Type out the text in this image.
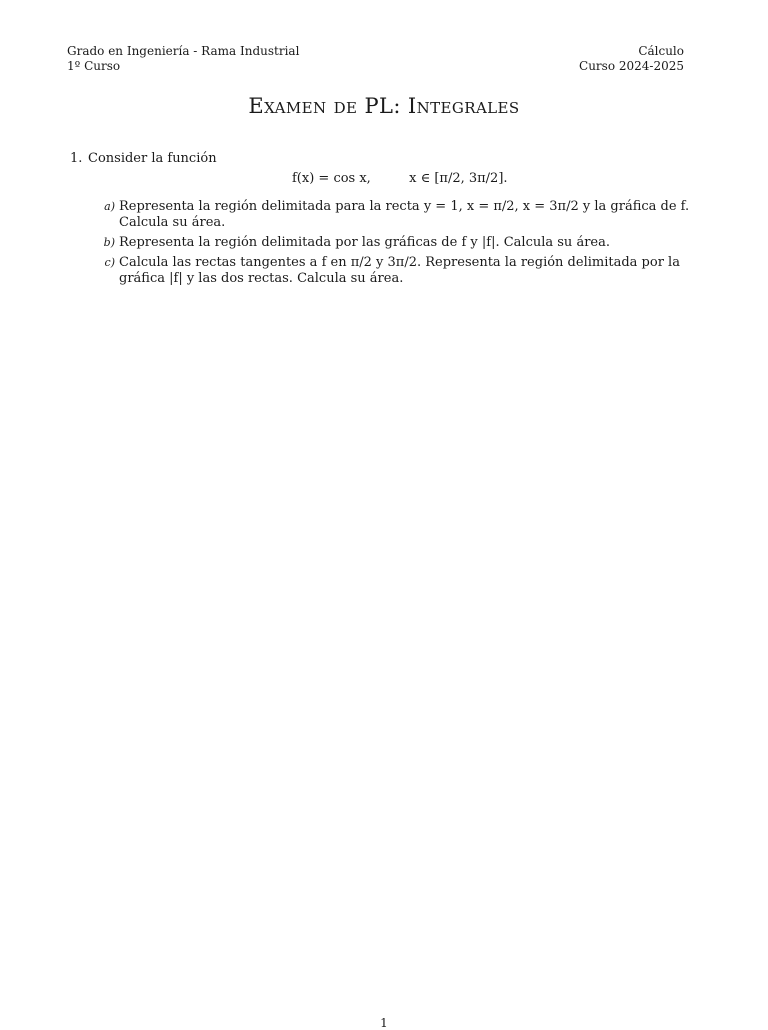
Grado en Ingeniería - Rama Industrial
1º Curso
Cálculo
Curso 2024-2025
Examen de PL: Integrales
1. Consider la función
f(x) = cos x,	x ∈ [π/2, 3π/2].
a) Representa la región delimitada para la recta y = 1, x = π/2, x = 3π/2 y la gráfica de f. Calcula su área.
b) Representa la región delimitada por las gráficas de f y |f|. Calcula su área.
c) Calcula las rectas tangentes a f en π/2 y 3π/2. Representa la región delimitada por la gráfica |f| y las dos rectas. Calcula su área.
1
